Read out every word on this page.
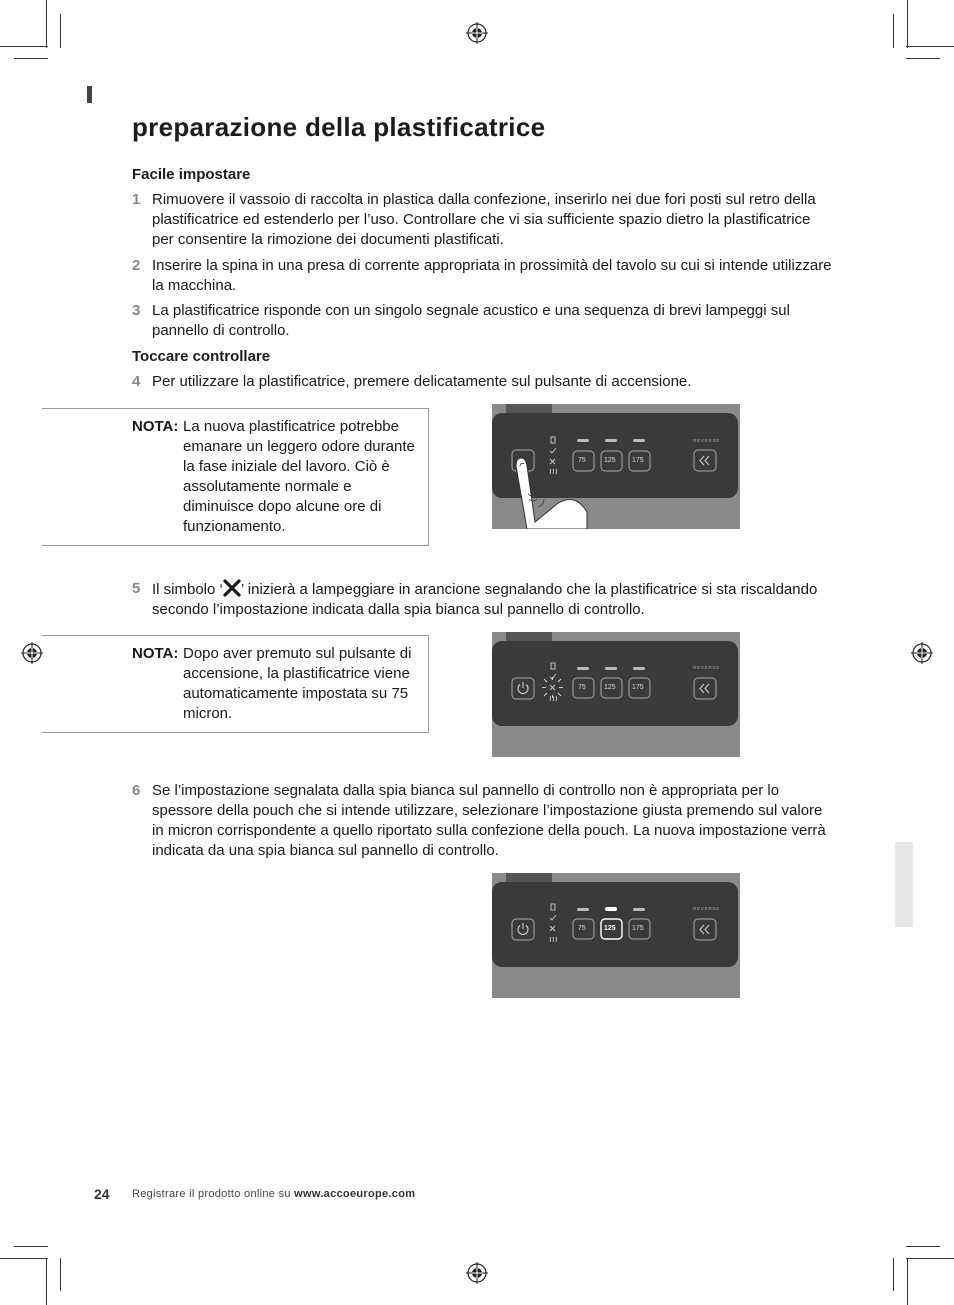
preparazione della plastificatrice
Facile impostare
1 Rimuovere il vassoio di raccolta in plastica dalla confezione, inserirlo nei due fori posti sul retro della plastificatrice ed estenderlo per l’uso. Controllare che vi sia sufficiente spazio dietro la plastificatrice per consentire la rimozione dei documenti plastificati.
2 Inserire la spina in una presa di corrente appropriata in prossimità del tavolo su cui si intende utilizzare la macchina.
3 La plastificatrice risponde con un singolo segnale acustico e una sequenza di brevi lampeggi sul pannello di controllo.
Toccare controllare
4 Per utilizzare la plastificatrice, premere delicatamente sul pulsante di accensione.
NOTA: La nuova plastificatrice potrebbe emanare un leggero odore durante la fase iniziale del lavoro. Ciò è assolutamente normale e diminuisce dopo alcune ore di funzionamento.
75	125 175
REVERSE
5 Il simbolo ‘ ’ inizierà a lampeggiare in arancione segnalando che la plastificatrice si sta riscaldando secondo l’impostazione indicata dalla spia bianca sul pannello di controllo.
NOTA: Dopo aver premuto sul pulsante di accensione, la plastificatrice viene automaticamente impostata su 75 micron.
75	125 175
REVERSE
6 Se l’impostazione segnalata dalla spia bianca sul pannello di controllo non è appropriata per lo spessore della pouch che si intende utilizzare, selezionare l’impostazione giusta premendo sul valore in micron corrispondente a quello riportato sulla confezione della pouch. La nuova impostazione verrà indicata da una spia bianca sul pannello di controllo.
75	125 175
REVERSE
24 Registrare il prodotto online su www.accoeurope.com
